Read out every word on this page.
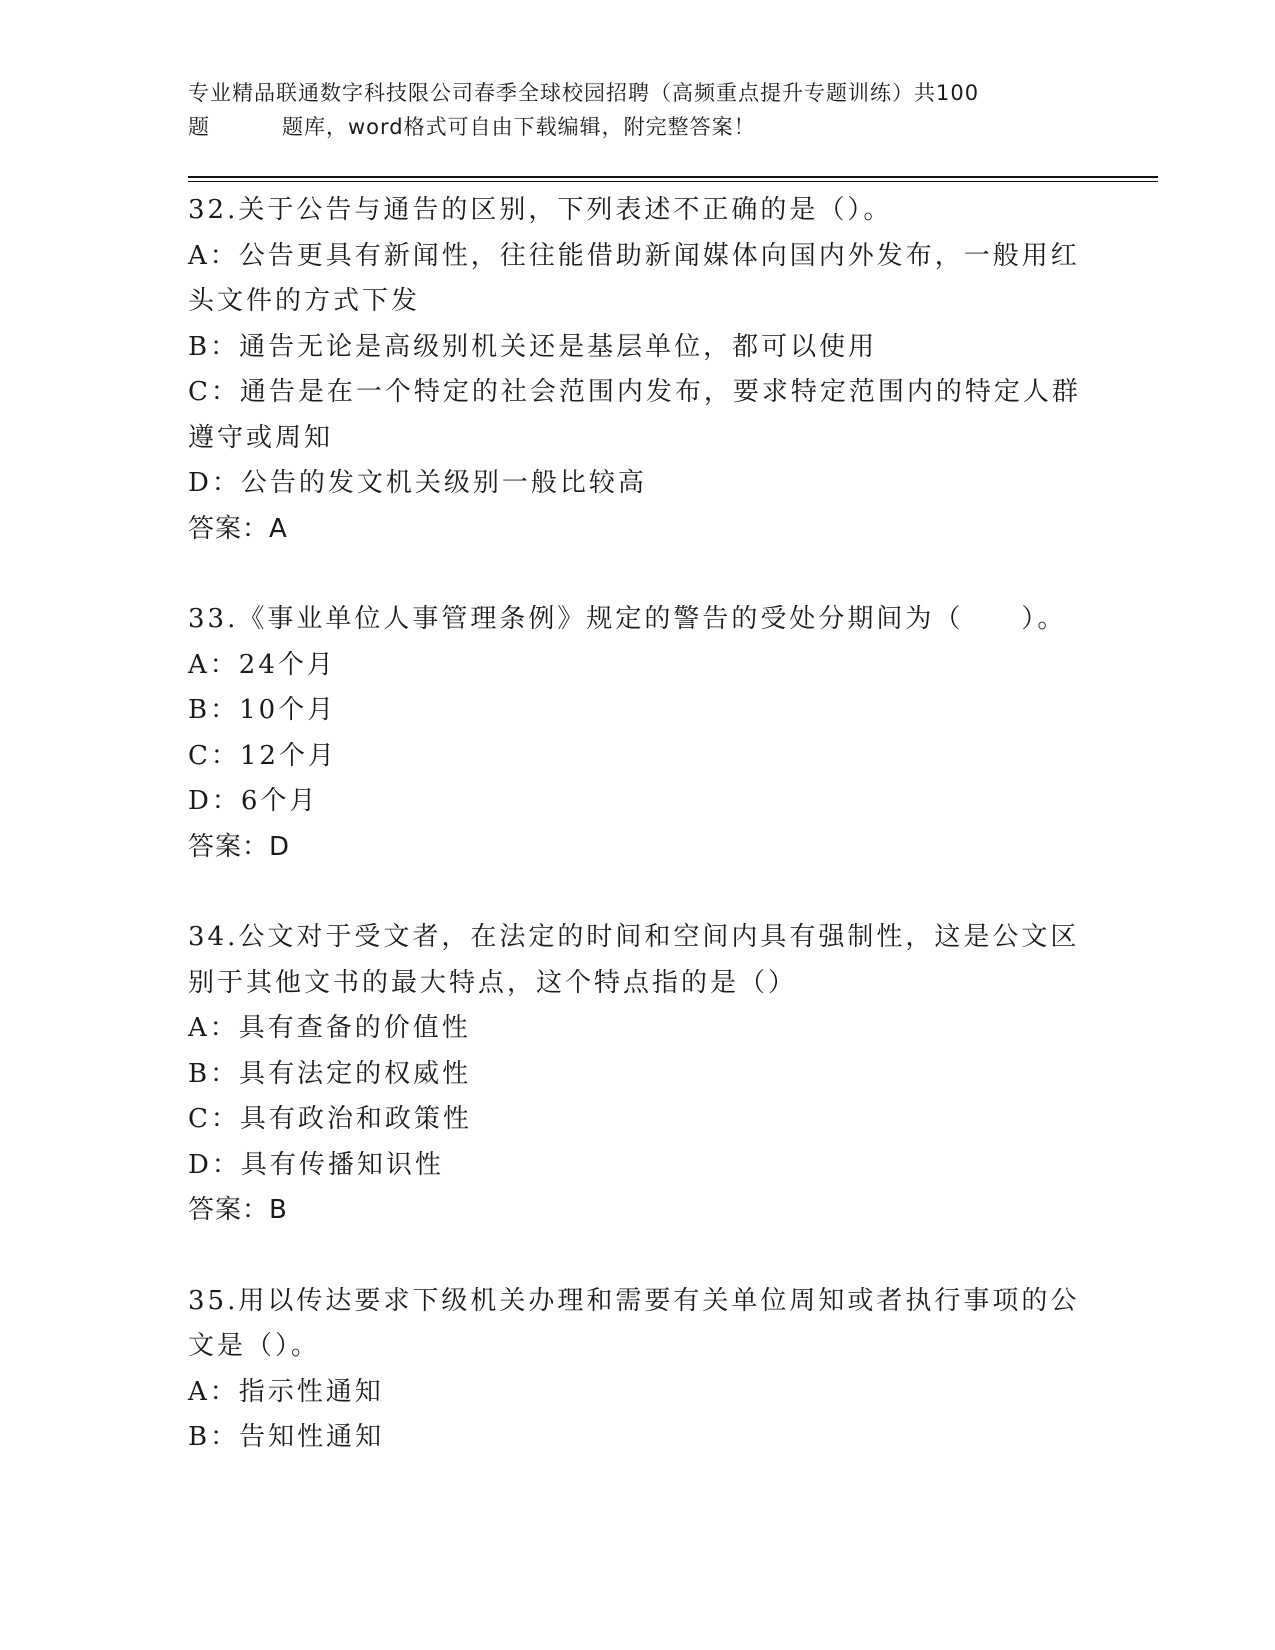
专业精品联通数字科技限公司春季全球校园招聘（高频重点提升专题训练）共100
题	题库，word格式可自由下载编辑，附完整答案！
32.关于公告与通告的区别，下列表述不正确的是（）。
A：公告更具有新闻性，往往能借助新闻媒体向国内外发布，一般用红头文件的方式下发
B：通告无论是高级别机关还是基层单位，都可以使用
C：通告是在一个特定的社会范围内发布，要求特定范围内的特定人群遵守或周知
D：公告的发文机关级别一般比较高
答案：A
33.《事业单位人事管理条例》规定的警告的受处分期间为（　　）。
A：24个月
B：10个月
C：12个月
D：6个月
答案：D
34.公文对于受文者，在法定的时间和空间内具有强制性，这是公文区别于其他文书的最大特点，这个特点指的是（）
A：具有查备的价值性
B：具有法定的权威性
C：具有政治和政策性
D：具有传播知识性
答案：B
35.用以传达要求下级机关办理和需要有关单位周知或者执行事项的公文是（）。
A：指示性通知
B：告知性通知
